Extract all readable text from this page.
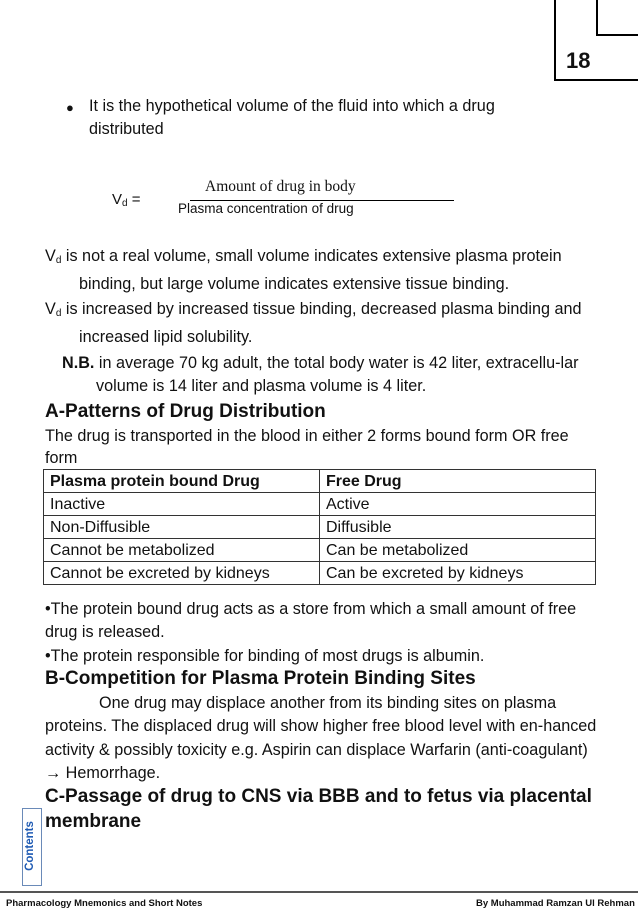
18
● It is the hypothetical volume of the fluid into which a drug distributed
$V_d$ =
Amount of drug in body
Plasma concentration of drug
$V_d$ is not a real volume, small volume indicates extensive plasma protein binding, but large volume indicates extensive tissue binding.
$V_d$ is increased by increased tissue binding, decreased plasma binding and increased lipid solubility.
N.B. in average 70 kg adult, the total body water is 42 liter, extracellu-lar volume is 14 liter and plasma volume is 4 liter.
A-Patterns of Drug Distribution
The drug is transported in the blood in either 2 forms bound form OR free form
Plasma protein bound Drug	Free Drug
Inactive	Active
Non-Diffusible	Diffusible
Cannot be metabolized	Can be metabolized
Cannot be excreted by kidneys	Can be excreted by kidneys
•The protein bound drug acts as a store from which a small amount of free drug is released.
•The protein responsible for binding of most drugs is albumin.
B-Competition for Plasma Protein Binding Sites
One drug may displace another from its binding sites on plasma proteins. The displaced drug will show higher free blood level with en-hanced activity & possibly toxicity e.g. Aspirin can displace Warfarin (anti-coagulant) → Hemorrhage.
C-Passage of drug to CNS via BBB and to fetus via placental membrane
Contents
Pharmacology Mnemonics and Short Notes	By Muhammad Ramzan Ul Rehman
